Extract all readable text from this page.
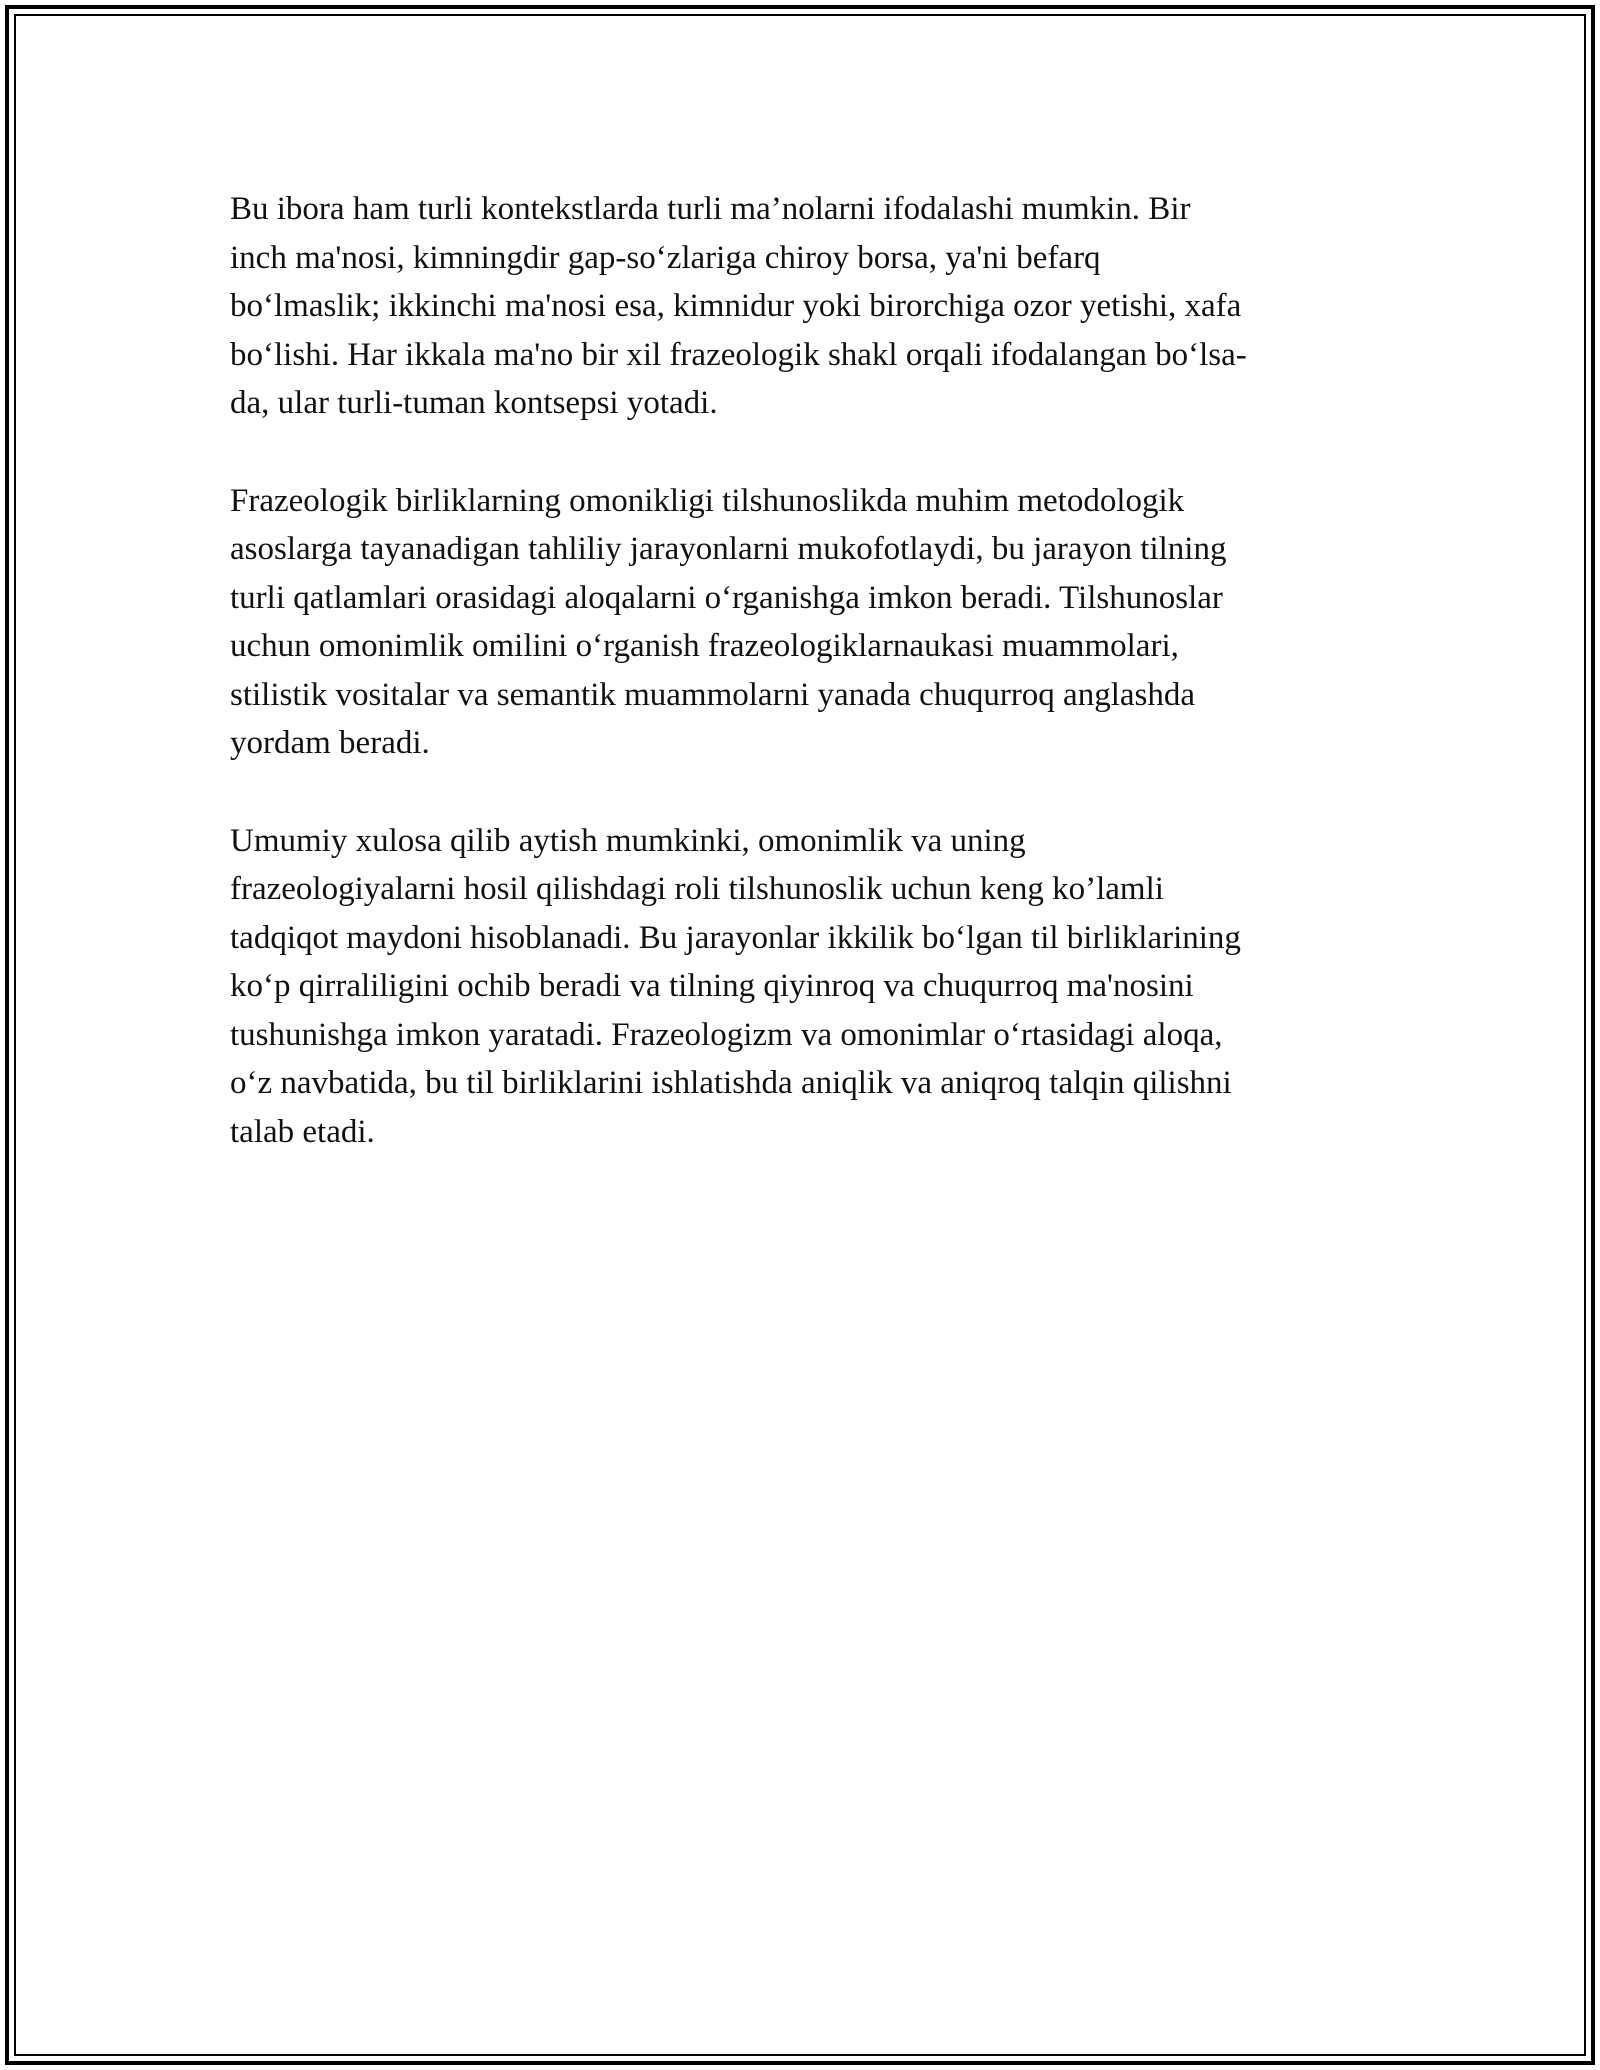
Bu ibora ham turli kontekstlarda turli ma’nolarni ifodalashi mumkin. Bir
inch ma'nosi, kimningdir gap-so‘zlariga chiroy borsa, ya'ni befarq
bo‘lmaslik; ikkinchi ma'nosi esa, kimnidur yoki birorchiga ozor yetishi, xafa
bo‘lishi. Har ikkala ma'no bir xil frazeologik shakl orqali ifodalangan bo‘lsa-
da, ular turli-tuman kontsepsi yotadi.

Frazeologik birliklarning omonikligi tilshunoslikda muhim metodologik
asoslarga tayanadigan tahliliy jarayonlarni mukofotlaydi, bu jarayon tilning
turli qatlamlari orasidagi aloqalarni o‘rganishga imkon beradi. Tilshunoslar
uchun omonimlik omilini o‘rganish frazeologiklarnaukasi muammolari,
stilistik vositalar va semantik muammolarni yanada chuqurroq anglashda
yordam beradi.

Umumiy xulosa qilib aytish mumkinki, omonimlik va uning
frazeologiyalarni hosil qilishdagi roli tilshunoslik uchun keng ko’lamli
tadqiqot maydoni hisoblanadi. Bu jarayonlar ikkilik bo‘lgan til birliklarining
ko‘p qirraliligini ochib beradi va tilning qiyinroq va chuqurroq ma'nosini
tushunishga imkon yaratadi. Frazeologizm va omonimlar o‘rtasidagi aloqa,
o‘z navbatida, bu til birliklarini ishlatishda aniqlik va aniqroq talqin qilishni
talab etadi.
